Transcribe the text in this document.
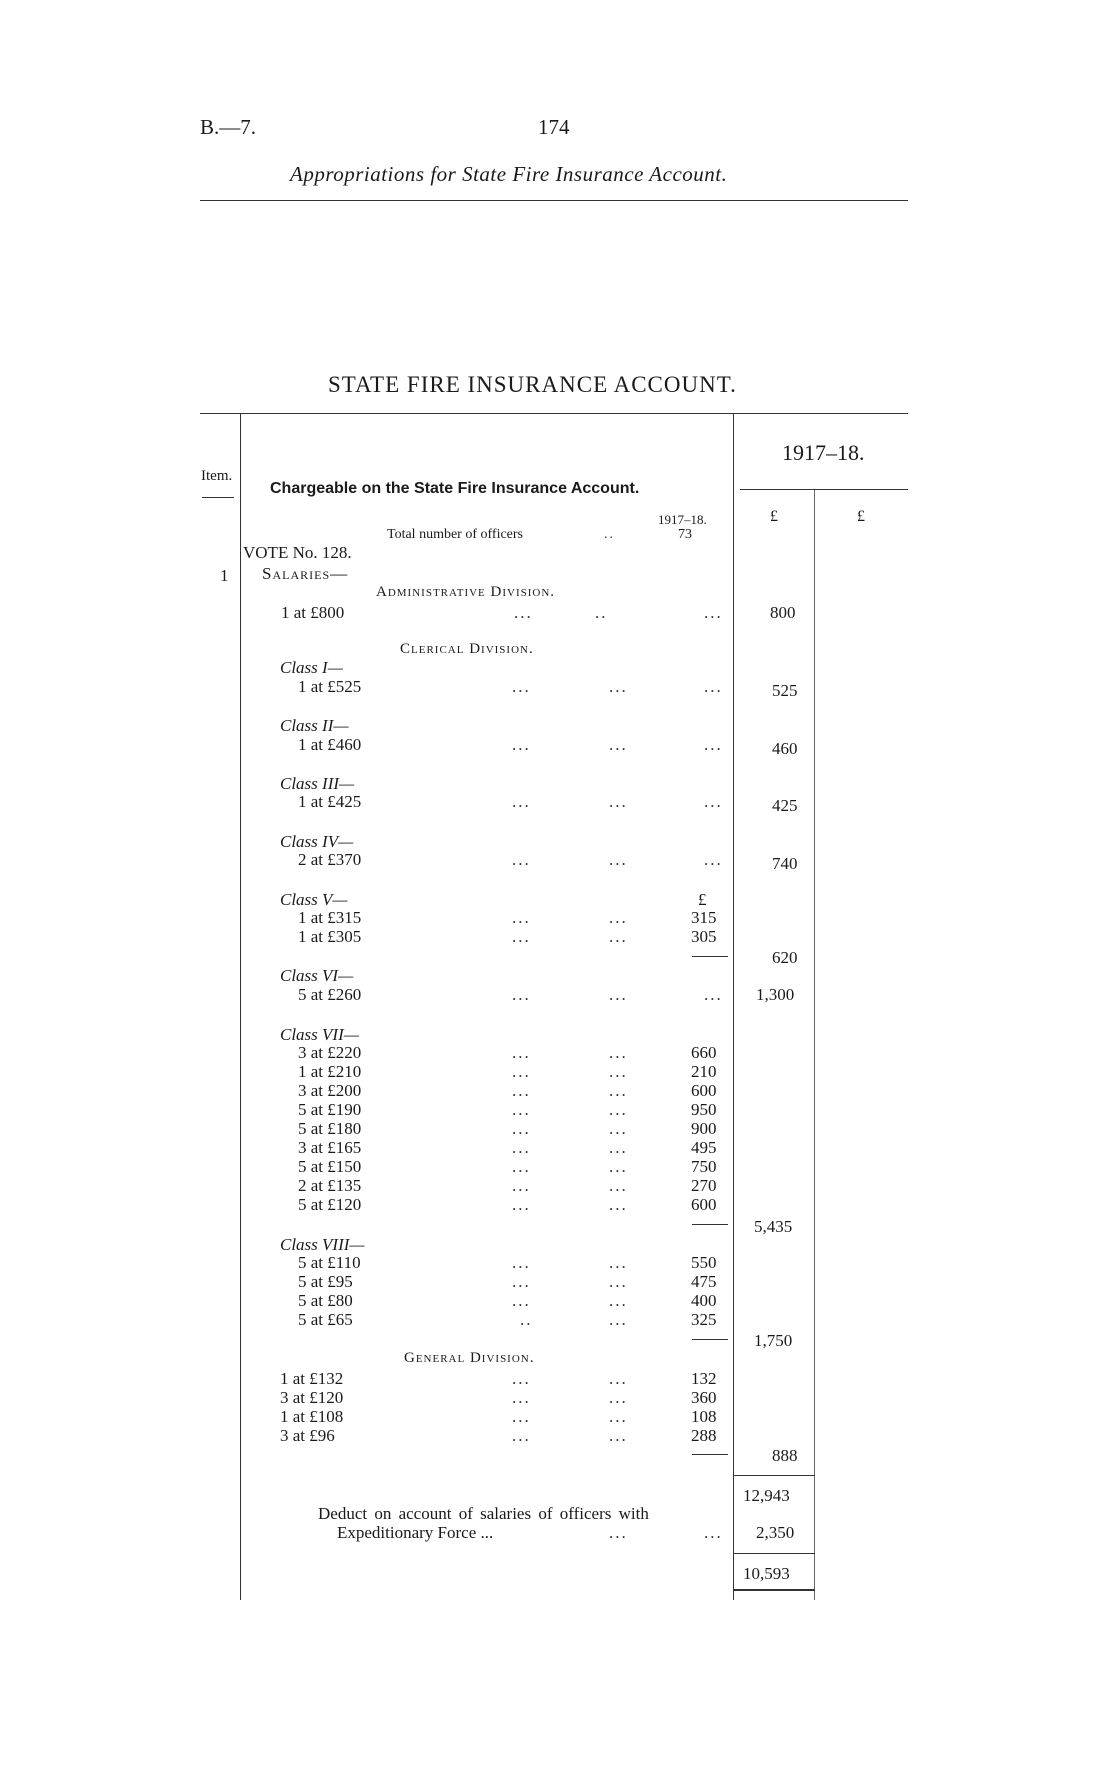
B.—7.	174
Appropriations for State Fire Insurance Account.
STATE FIRE INSURANCE ACCOUNT.
Item.
Chargeable on the State Fire Insurance Account.
1917–18.
£	£
1917–18.
Total number of officers	..	73
VOTE No. 128.
1 Salaries—
Administrative Division.
1 at £800	...	..	...	800
Clerical Division.
Class I—
1 at £525	...	...	...	525
Class II—
1 at £460	...	...	...	460
Class III—
1 at £425	...	...	...	425
Class IV—
2 at £370	...	...	...	740
Class V—	£
1 at £315	...	...	315
1 at £305	...	...	305
620
Class VI—
5 at £260	...	...	... 1,300
Class VII—
3 at £220	...	...	660
1 at £210	...	...	210
3 at £200	...	...	600
5 at £190	...	...	950
5 at £180	...	...	900
3 at £165	...	...	495
5 at £150	...	...	750
2 at £135	...	...	270
5 at £120	...	...	600
5,435
Class VIII—
5 at £110	...	...	550
5 at £95	...	...	475
5 at £80	...	...	400
5 at £65	..	...	325
1,750
General Division.
1 at £132	...	...	132
3 at £120	...	...	360
1 at £108	...	...	108
3 at £96	...	...	288
888
12,943
Deduct on account of salaries of officers with
Expeditionary Force ...	...	... 2,350
10,593
